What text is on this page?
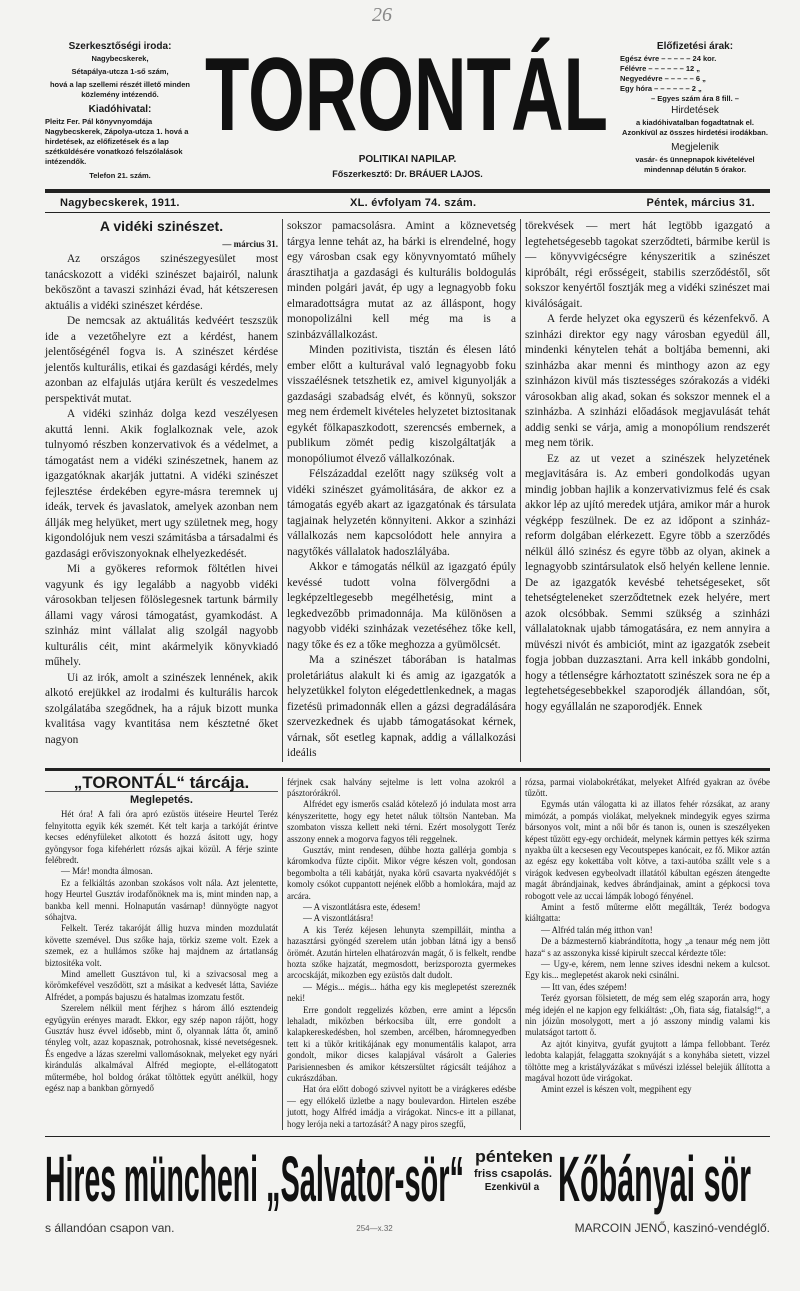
26
Szerkesztőségi iroda:
Nagybecskerek,
Sétapálya-utcza 1-ső szám,
hová a lap szellemi részét illető minden közlemény intézendő.
Kiadóhivatal:
Pleitz Fer. Pál könyvnyomdája Nagybecskerek, Zápolya-utcza 1. hová a hirdetések, az előfizetések és a lap szétküldésére vonatkozó felszólalások intézendők.
Telefon 21. szám.
TORONTÁL
POLITIKAI NAPILAP.
Főszerkesztő: Dr. BRÁUER LAJOS.
Előfizetési árak:
Egész évre – – – – – 24 kor.
Félévre – – – – – – 12 „
Negyedévre – – – – – 6 „
Egy hóra – – – – – – 2 „
– Egyes szám ára 8 fill. –
Hirdetések
a kiadóhivatalban fogadtatnak el. Azonkívül az összes hirdetési irodákban.
Megjelenik
vasár- és ünnepnapok kivételével mindennap délután 5 órakor.
Nagybecskerek, 1911.	XL. évfolyam 74. szám.	Péntek, március 31.
A vidéki szinészet.
— március 31.

Az országos szinészegyesület most tanácskozott a vidéki szinészet bajairól, nalunk beköszönt a tavaszi szinházi évad, hát kétszeresen aktuális a vidéki szinészet kérdése.

De nemcsak az aktuálitás kedvéért teszszük ide a vezetőhelyre ezt a kérdést, hanem jelentőségénél fogva is. A szinészet kérdése jelentős kulturális, etikai és gazdasági kérdés, mely azonban az elfajulás utjára került és veszedelmes perspektivát mutat.

A vidéki szinház dolga kezd veszélyesen akuttá lenni. Akik foglalkoznak vele, azok tulnyomó részben konzervativok és a védelmet, a támogatást nem a vidéki szinészetnek, hanem az igazgatóknak akarják juttatni. A vidéki szinészet fejlesztése érdekében egyre-másra teremnek uj ideák, tervek és javaslatok, amelyek azonban nem állják meg helyüket, mert ugy születnek meg, hogy kigondolójuk nem veszi számitásba a társadalmi és gazdasági erőviszonyoknak elhelyezkedését.

Mi a gyökeres reformok föltétlen hivei vagyunk és igy legalább a nagyobb vidéki városokban teljesen fölöslegesnek tartunk bármily állami vagy városi támogatást, gyamkodást. A szinház mint vállalat alig szolgál nagyobb kulturális céit, mint akármelyik könyvkiadó műhely.

Ui az irók, amolt a szinészek lennének, akik alkotó erejükkel az irodalmi és kulturális harcok szolgálatába szegődnek, ha a rájuk bizott munka kvalitása vagy kvantitása nem késztetné őket nagyon

sokszor pamacsolásra. Amint a köznevetség tárgya lenne tehát az, ha bárki is elrendelné, hogy egy városban csak egy könyvnyomtató műhely árasztihatja a gazdasági és kulturális boldogulás minden polgári javát, ép ugy a legnagyobb foku elmaradottságra mutat az az álláspont, hogy monopolizálni kell még ma is a szinbázvállalkozást.

Minden pozitivista, tisztán és élesen látó ember előtt a kulturával való legnagyobb foku visszaélésnek tetszhetik ez, amivel kigunyolják a gazdasági szabadság elvét, és könnyü, sokszor meg nem érdemelt kivételes helyzetet biztositanak egykét fölkapaszkodott, szerencsés embernek, a publikum zömét pedig kiszolgáltatják a monopóliumot élvező vállalkozónak.

Félszázaddal ezelőtt nagy szükség volt a vidéki szinészet gyámolitására, de akkor ez a támogatás egyéb akart az igazgatónak és társulata tagjainak helyzetén könnyiteni. Akkor a szinházi vállalkozás nem kapcsolódott hele annyira a nagytőkés vállalatok hadoszlályába.

Akkor e támogatás nélkül az igazgató épúly kevéssé tudott volna fölvergődni a legképzeltlegesebb megélhetésig, mint a legkedvezőbb primadonnája. Ma különösen a nagyobb vidéki szinházak vezetéséhez tőke kell, nagy tőke és ez a tőke meghozza a gyümölcsét.

Ma a szinészet táborában is hatalmas proletáriátus alakult ki és amig az igazgatók a helyzetükkel folyton elégedettlenkednek, a magas fizetésü primadonnák ellen a gázsi degradálására szervezkednek és ujabb támogatásokat kérnek, várnak, sőt esetleg kapnak, addig a vállalkozási ideális

törekvések — mert hát legtöbb igazgató a legtehetségesebb tagokat szerződteti, bármibe kerül is — könyvvigécségre kényszeritik a szinészet kipróbált, régi erősségeit, stabilis szerződéstől, sőt sokszor kenyértől fosztják meg a vidéki szinészet mai kiválóságait.

A ferde helyzet oka egyszerü és kézenfekvő. A szinházi direktor egy nagy városban egyedül áll, mindenki kénytelen tehát a boltjába bemenni, aki szinházba akar menni és minthogy azon az egy szinházon kivül más tisztességes szórakozás a vidéki városokban alig akad, sokan és sokszor mennek el a szinházba. A szinházi előadások megjavulását tehát addig senki se várja, amig a monopólium rendszerét meg nem törik.

Ez az ut vezet a szinészek helyzetének megjavitására is. Az emberi gondolkodás ugyan mindig jobban hajlik a konzervativizmus felé és csak akkor lép az ujító meredek utjára, amikor már a hurok végképp feszülnek. De ez az időpont a szinház-reform dolgában elérkezett. Egyre több a szerződés nélkül álló szinész és egyre több az olyan, akinek a legnagyobb szintársulatok első helyén kellene lennie. De az igazgatók kevésbé tehetségeseket, sőt tehetségteleneket szerződtetnek ezek helyére, mert azok olcsóbbak. Semmi szükség a szinházi vállalatoknak ujabb támogatására, ez nem annyira a müvészi nivót és ambiciót, mint az igazgatók zsebeit fogja jobban duzzasztani. Arra kell inkább gondolni, hogy a tétlenségre kárhoztatott szinészek sora ne ép a legtehetségesebbekkel szaporodjék állandóan, sőt, hogy egyállalán ne szaporodjék. Ennek

„TORONTÁL“ tárcája.
Meglepetés.

Hét óra! A fali óra apró ezüstös ütéseire Heurtel Teréz felnyitotta egyik kék szemét. Két telt karja a tarkóját érintve kecses edényfüleket alkotott és hozzá ásitott ugy, hogy gyöngysor foga kifehérlett rózsás ajkai közül. A férje szinte felébredt.

— Már! mondta álmosan.

Ez a felkiáltás azonban szokásos volt nála. Azt jelentette, hogy Heurtel Gusztáv irodafőnöknek ma is, mint minden nap, a bankba kell menni. Holnapután vasárnap! dünnyögte nagyot sóhajtva.

Felkelt. Teréz takaróját állig huzva minden mozdulatát követte szemével. Dus szőke haja, törkiz szeme volt. Ezek a szemek, ez a hullámos szőke haj majdnem az ártatlanság biztositéka volt.

Mind amellett Gusztávon tul, ki a szivacsosal meg a körömkefével vesződött, szt a másikat a kedvesét látta, Saviéze Alfrédet, a pompás bajuszu és hatalmas izomzatu festőt.

Szerelem nélkül ment férjhez s három álló esztendeig együgyün erényes maradt. Ekkor, egy szép napon rájött, hogy Gusztáv husz évvel idősebb, mint ő, olyannak látta őt, aminő tényleg volt, azaz kopasznak, potrohosnak, kissé nevetségesnek. És engedve a lázas szerelmi vallomásoknak, melyeket egy nyári kirándulás alkalmával Alfréd megiopte, el-ellátogatott műtermébe, hol boldog órákat töltöttek együtt anélkül, hogy egész nap a bankban görnyedő

férjnek csak halvány sejtelme is lett volna azokról a pásztorórákról.

Alfrédet egy ismerős család kötelező jó indulata most arra kényszeritette, hogy egy hetet náluk töltsön Nanteban. Ma szombaton vissza kellett neki térni. Ezért mosolygott Teréz asszony ennek a mogorva fagyos téli reggelnek.

Gusztáv, mint rendesen, dühbe hozta gallérja gombja s káromkodva fűzte cipőit. Mikor végre készen volt, gondosan begombolta a téli kabátját, nyaka körű csavarta nyakvédőjét s komoly csókot cuppantott nejének előbb a homlokára, majd az arcára.

— A viszontlátásra este, édesem!

— A viszontlátásra!

A kis Teréz kéjesen lehunyta szempilláit, mintha a hazasztársi gyöngéd szerelem után jobban látná igy a benső örömét. Azután hirtelen elhatározván magát, ő is felkelt, rendbe hozta szőke hajzatát, megmosdott, berizsporozta gyermekes arcocskáját, mikozben egy ezüstös dalt dudolt.

— Mégis... mégis... hátha egy kis meglepetést szereznék neki!

Erre gondolt reggelizés közben, erre amint a lépcsőn lehaladt, miközben bérkocsiba ült, erre gondolt a kalapkereskedésben, hol szemben, arcélben, háromnegyedben tett ki a tükör kritikájának egy monumentális kalapot, arra gondolt, mikor dicses kalapjával vásárolt a Galeries Parisiennesben és amikor kétszersültet rágicsált teájához a cukrászdában.

Hat óra előtt dobogó szivvel nyitott be a virágkeres edésbe — egy ellókelő üzletbe a nagy boulevardon. Hirtelen eszébe jutott, hogy Alfréd imádja a virágokat. Nincs-e itt a pillanat, hogy lerója neki a tartozását? A nagy piros szegfű,

rózsa, parmai violabokrétákat, melyeket Alfréd gyakran az övébe tűzött.

Egymás után válogatta ki az illatos fehér rózsákat, az arany mimózát, a pompás violákat, melyeknek mindegyik egyes szirma bársonyos volt, mint a női bőr és tanon is, ounen is szeszélyeken képest tűzött egy-egy orchideát, melynek kármin pettyes kék szirma nyakba ült a kecsesen egy Vecoutspepes kanócait, ez fő. Mikor aztán az egész egy kokettába volt kötve, a taxi-autóba szállt vele s a virágok kedvesen egybeolvadt illatától kábultan egészen átengedte magát ábrándjainak, kedves ábrándjainak, amint a gépkocsi tova robogott vele az uccai lámpák lobogó fényénel.

Amint a festő műterme előtt megállták, Teréz bodogva kiáltgatta:

— Alfréd talán még itthon van!

De a bázmesternő kiabrándította, hogy „a tenaur még nem jött haza“ s az asszonyka kissé kipirult szeccal kérdezte tőle:

— Ugy-e, kérem, nem lenne szives idesdni nekem a kulcsot. Egy kis... meglepetést akarok neki csinálni.

— Itt van, édes szépem!

Teréz gyorsan fölsietett, de még sem elég szaporán arra, hogy még idején el ne kapjon egy felkiáltást: „Oh, fiata ság, fiatalság!“, a nin jóizün mosolygott, mert a jó asszony mindig valami kis mulatságot tartott ő.

Az ajtót kinyitva, gyufát gyujtott a lámpa fellobbant. Teréz ledobta kalapját, felaggatta szoknyáját s a konyhába sietett, vizzel töltötte meg a kristályvázákat s művészi izléssel belejük állította a magával hozott üde virágokat.

Amint ezzel is készen volt, megpihent egy

Hires müncheni „Salvator-sör“ pénteken
friss csapolás.
Ezenkivül a Kőbányai sör
s állandóan csapon van.	254—x.32	MARCOIN JENŐ, kaszinó-vendéglő.
